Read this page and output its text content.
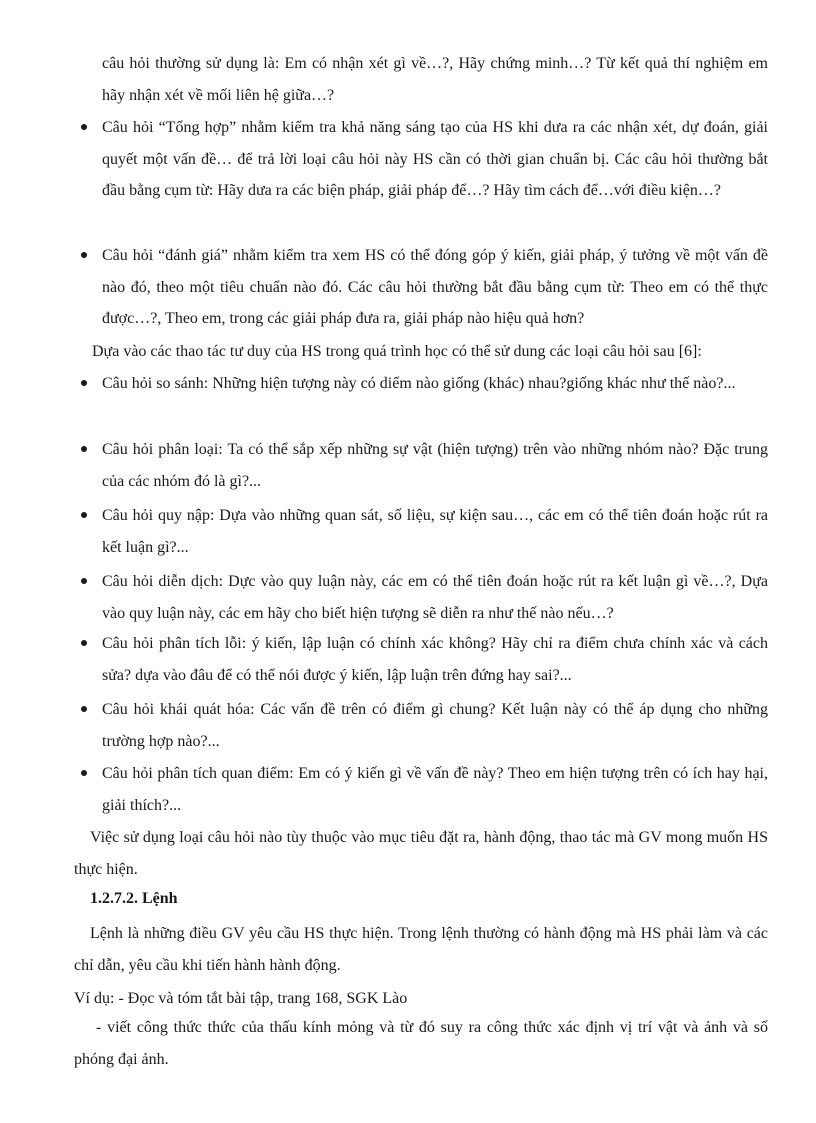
câu hỏi thường sử dụng là: Em có nhận xét gì về…?, Hãy chứng minh…? Từ kết quả thí nghiệm em hãy nhận xét về mối liên hệ giữa…?

Câu hỏi “Tổng hợp” nhằm kiểm tra khả năng sáng tạo của HS khi dưa ra các nhận xét, dự đoán, giải quyết một vấn đề… để trả lời loại câu hỏi này HS cần có thời gian chuẩn bị. Các câu hỏi thường bắt đầu bằng cụm từ: Hãy dưa ra các biện pháp, giải pháp để…? Hãy tìm cách để…với điều kiện…?

Câu hỏi “đánh giá” nhằm kiểm tra xem HS có thể đóng góp ý kiến, giải pháp, ý tưởng về một vấn đề nào đó, theo một tiêu chuẩn nào đó. Các câu hỏi thường bắt đầu bằng cụm từ: Theo em có thể thực được…?, Theo em, trong các giải pháp đưa ra, giải pháp nào hiệu quả hơn?

Dựa vào các thao tác tư duy của HS trong quá trình học có thể sử dung các loại câu hỏi sau [6]:

Câu hỏi so sánh: Những hiện tượng này có diểm nào giống (khác) nhau?giống khác như thế nào?...

Câu hỏi phân loại: Ta có thể sắp xếp những sự vật (hiện tượng) trên vào những nhóm nào? Đặc trung của các nhóm đó là gì?...

Câu hỏi quy nập: Dựa vào những quan sát, số liệu, sự kiện sau…, các em có thể tiên đoán hoặc rút ra kết luận gì?...

Câu hỏi diễn dịch: Dực vào quy luận này, các em có thể tiên đoán hoặc rút ra kết luận gì về…?, Dựa vào quy luận này, các em hãy cho biết hiện tượng sẽ diễn ra như thế nào nếu…?

Câu hỏi phân tích lỗi: ý kiến, lập luận có chính xác không? Hãy chỉ ra điểm chưa chính xác và cách sửa? dựa vào đâu để có thể nói được ý kiến, lập luận trên đứng hay sai?...

Câu hỏi khái quát hóa: Các vấn đề trên có điểm gì chung? Kết luận này có thể áp dụng cho những trường hợp nào?...

Câu hỏi phân tích quan điểm: Em có ý kiến gì về vấn đề này? Theo em hiện tượng trên có ích hay hại, giải thích?...

Việc sử dụng loại câu hỏi nào tùy thuộc vào mục tiêu đặt ra, hành động, thao tác mà GV mong muốn HS thực hiện.

1.2.7.2. Lệnh

Lệnh là những điều GV yêu cầu HS thực hiện. Trong lệnh thường có hành động mà HS phải làm và các chỉ dẫn, yêu cầu khi tiến hành hành động.

Ví dụ: - Đọc và tóm tắt bài tập, trang 168, SGK Lào

- viết công thức thức của thấu kính mỏng và từ đó suy ra công thức xác định vị trí vật và ảnh và số phóng đại ảnh.
